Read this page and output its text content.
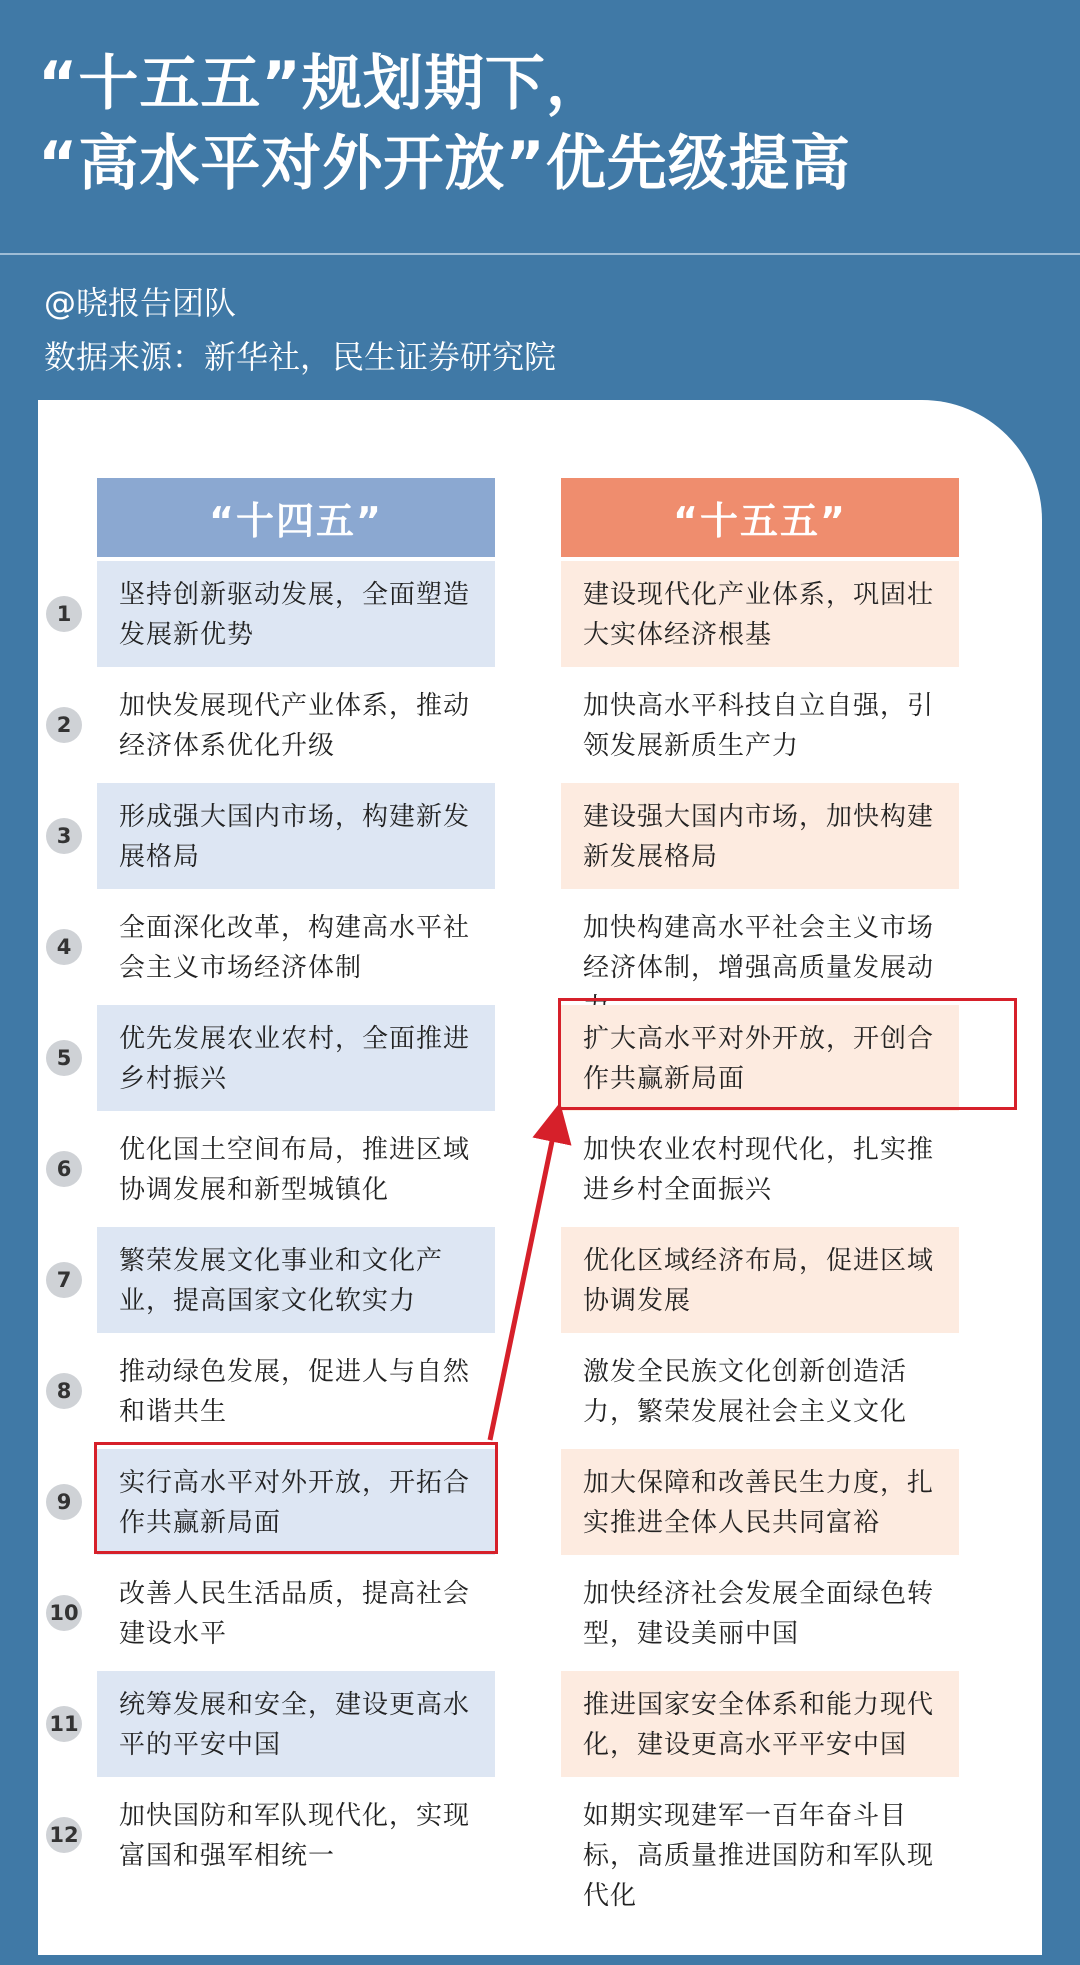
“十五五”规划期下，
“高水平对外开放”优先级提高
@晓报告团队
数据来源：新华社，民生证券研究院
“十四五”	“十五五”
1
坚持创新驱动发展，全面塑造发展新优势
建设现代化产业体系，巩固壮大实体经济根基
2
加快发展现代产业体系，推动经济体系优化升级
加快高水平科技自立自强，引领发展新质生产力
3
形成强大国内市场，构建新发展格局
建设强大国内市场，加快构建新发展格局
4
全面深化改革，构建高水平社会主义市场经济体制
加快构建高水平社会主义市场经济体制，增强高质量发展动
5
优先发展农业农村，全面推进乡村振兴
扩大高水平对外开放，开创合作共赢新局面
6
优化国土空间布局，推进区域协调发展和新型城镇化
加快农业农村现代化，扎实推进乡村全面振兴
7
繁荣发展文化事业和文化产业，提高国家文化软实力
优化区域经济布局，促进区域协调发展
8
推动绿色发展，促进人与自然和谐共生
激发全民族文化创新创造活力，繁荣发展社会主义文化
9
实行高水平对外开放，开拓合作共赢新局面
加大保障和改善民生力度，扎实推进全体人民共同富裕
10
改善人民生活品质，提高社会建设水平
加快经济社会发展全面绿色转型，建设美丽中国
11
统筹发展和安全，建设更高水平的平安中国
推进国家安全体系和能力现代化，建设更高水平平安中国
12
加快国防和军队现代化，实现富国和强军相统一
如期实现建军一百年奋斗目标，高质量推进国防和军队现代化
